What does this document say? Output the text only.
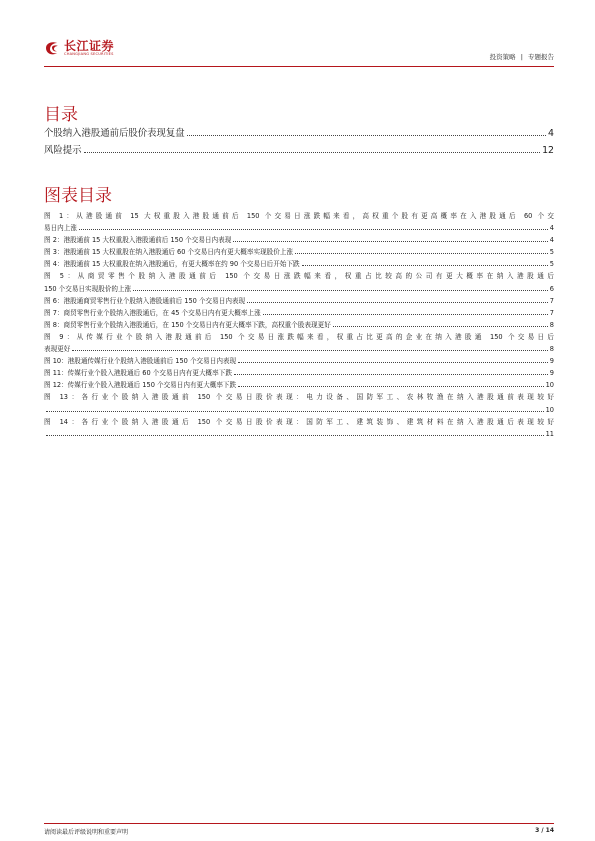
长江证券
CHANGJIANG SECURITIES	投资策略 | 专题报告
目录
个股纳入港股通前后股价表现复盘	4
风险提示	12
图表目录
图 1：从港股通前 15 大权重股入港股通前后 150 个交易日涨跌幅来看，高权重个股有更高概率在入港股通后 60 个交
易日内上涨	4
图 2：港股通前 15 大权重股入港股通前后 150 个交易日内表现	4
图 3：港股通前 15 大权重股在纳入港股通后 60 个交易日内有更大概率实现股价上涨	5
图 4：港股通前 15 大权重股在纳入港股通后，有更大概率在约 90 个交易日后开始下跌	5
图 5：从商贸零售个股纳入港股通前后 150 个交易日涨跌幅来看，权重占比较高的公司有更大概率在纳入港股通后
150 个交易日实现股价的上涨	6
图 6：港股通商贸零售行业个股纳入港股通前后 150 个交易日内表现	7
图 7：商贸零售行业个股纳入港股通后，在 45 个交易日内有更大概率上涨	7
图 8：商贸零售行业个股纳入港股通后，在 150 个交易日内有更大概率下跌，高权重个股表现更好	8
图 9：从传媒行业个股纳入港股通前后 150 个交易日涨跌幅来看，权重占比更高的企业在纳入港股通 150 个交易日后
表现更好	8
图 10：港股通传媒行业个股纳入港股通前后 150 个交易日内表现	9
图 11：传媒行业个股入港股通后 60 个交易日内有更大概率下跌	9
图 12：传媒行业个股入港股通后 150 个交易日内有更大概率下跌	10
图 13：各行业个股纳入港股通前 150 个交易日股价表现：电力设备、国防军工、农林牧渔在纳入港股通前表现较好
10
图 14：各行业个股纳入港股通后 150 个交易日股价表现：国防军工、建筑装饰、建筑材料在纳入港股通后表现较好
11
请阅读最后评级说明和重要声明	3 / 14
